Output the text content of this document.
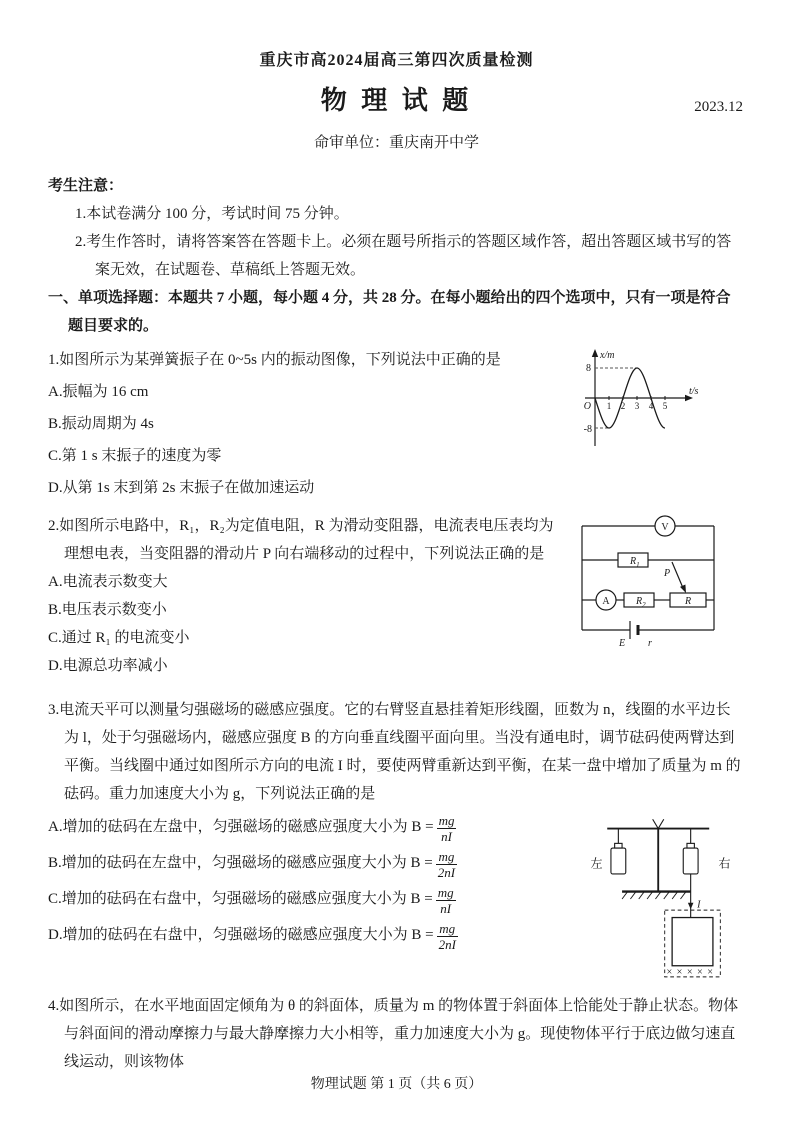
重庆市高2024届高三第四次质量检测
物 理 试 题	2023.12
命审单位：重庆南开中学
考生注意：
1.本试卷满分 100 分，考试时间 75 分钟。
2.考生作答时，请将答案答在答题卡上。必须在题号所指示的答题区域作答，超出答题区域书写的答案无效，在试题卷、草稿纸上答题无效。
一、单项选择题：本题共 7 小题，每小题 4 分，共 28 分。在每小题给出的四个选项中，只有一项是符合题目要求的。
x/m
t/s
8
-8
O 1 2 3 4 5

1.如图所示为某弹簧振子在 0~5s 内的振动图像，下列说法中正确的是

A.振幅为 16 cm
B.振动周期为 4s
C.第 1 s 末振子的速度为零
D.从第 1s 末到第 2s 末振子在做加速运动
V
$R_1$
P
A	$R_2$	R
E r

2.如图所示电路中，R₁，R₂为定值电阻，R 为滑动变阻器，电流表电压表均为理想电表，当变阻器的滑动片 P 向右端移动的过程中，下列说法正确的是

A.电流表示数变大
B.电压表示数变小
C.通过 R₁ 的电流变小
D.电源总功率减小

3.电流天平可以测量匀强磁场的磁感应强度。它的右臂竖直悬挂着矩形线圈，匝数为 n，线圈的水平边长为 l，处于匀强磁场内，磁感应强度 B 的方向垂直线圈平面向里。当没有通电时，调节砝码使两臂达到平衡。当线圈中通过如图所示方向的电流 I 时，要使两臂重新达到平衡，在某一盘中增加了质量为 m 的砝码。重力加速度大小为 g，下列说法正确的是

左	右
I
× × × × ×
A.增加的砝码在左盘中，匀强磁场的磁感应强度大小为 $B = \frac{mg}{nI}$
B.增加的砝码在左盘中，匀强磁场的磁感应强度大小为 $B = \frac{mg}{2nI}$
C.增加的砝码在右盘中，匀强磁场的磁感应强度大小为 $B = \frac{mg}{nI}$
D.增加的砝码在右盘中，匀强磁场的磁感应强度大小为 $B = \frac{mg}{2nI}$

4.如图所示，在水平地面固定倾角为 θ 的斜面体，质量为 m 的物体置于斜面体上恰能处于静止状态。物体与斜面间的滑动摩擦力与最大静摩擦力大小相等，重力加速度大小为 g。现使物体平行于底边做匀速直线运动，则该物体

物理试题 第 1 页（共 6 页）
